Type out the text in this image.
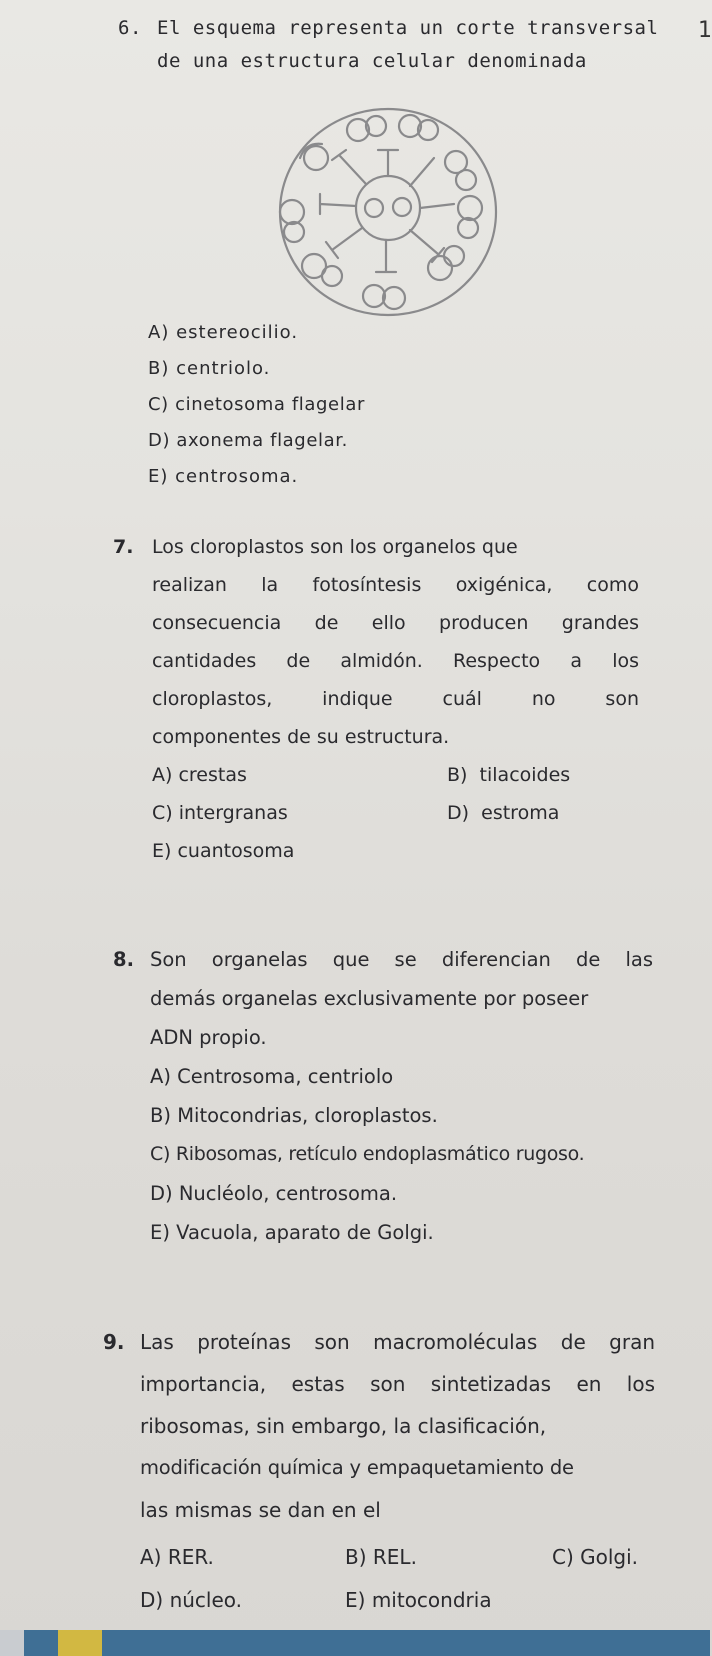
1
6. El esquema representa un corte transversal
de una estructura celular denominada
A) estereocilio.
B) centriolo.
C) cinetosoma flagelar
D) axonema flagelar.
E) centrosoma.
7. Los cloroplastos son los organelos que
realizan la fotosíntesis oxigénica, como
consecuencia de ello producen grandes
cantidades de almidón. Respecto a los
cloroplastos, indique cuál no son
componentes de su estructura.
A) crestas	B) tilacoides
C) intergranas	D) estroma
E) cuantosoma
8. Son organelas que se diferencian de las
demás organelas exclusivamente por poseer
ADN propio.
A) Centrosoma, centriolo
B) Mitocondrias, cloroplastos.
C) Ribosomas, retículo endoplasmático rugoso.
D) Nucléolo, centrosoma.
E) Vacuola, aparato de Golgi.
9. Las proteínas son macromoléculas de gran
importancia, estas son sintetizadas en los
ribosomas, sin embargo, la clasificación,
modificación química y empaquetamiento de
las mismas se dan en el
A) RER.	B) REL.	C) Golgi.
D) núcleo.	E) mitocondria
